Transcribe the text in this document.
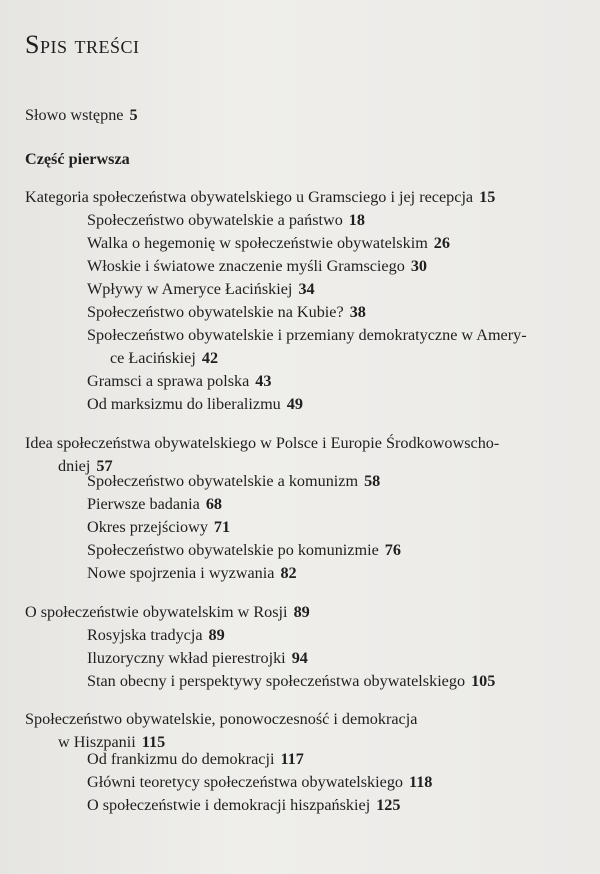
Spis treści
Słowo wstępne 5
Część pierwsza
Kategoria społeczeństwa obywatelskiego u Gramsciego i jej recepcja 15
Społeczeństwo obywatelskie a państwo 18
Walka o hegemonię w społeczeństwie obywatelskim 26
Włoskie i światowe znaczenie myśli Gramsciego 30
Wpływy w Ameryce Łacińskiej 34
Społeczeństwo obywatelskie na Kubie? 38
Społeczeństwo obywatelskie i przemiany demokratyczne w Amery-
ce Łacińskiej 42
Gramsci a sprawa polska 43
Od marksizmu do liberalizmu 49
Idea społeczeństwa obywatelskiego w Polsce i Europie Środkowowscho-
dniej 57
Społeczeństwo obywatelskie a komunizm 58
Pierwsze badania 68
Okres przejściowy 71
Społeczeństwo obywatelskie po komunizmie 76
Nowe spojrzenia i wyzwania 82
O społeczeństwie obywatelskim w Rosji 89
Rosyjska tradycja 89
Iluzoryczny wkład pierestrojki 94
Stan obecny i perspektywy społeczeństwa obywatelskiego 105
Społeczeństwo obywatelskie, ponowoczesność i demokracja
w Hiszpanii 115
Od frankizmu do demokracji 117
Główni teoretycy społeczeństwa obywatelskiego 118
O społeczeństwie i demokracji hiszpańskiej 125
